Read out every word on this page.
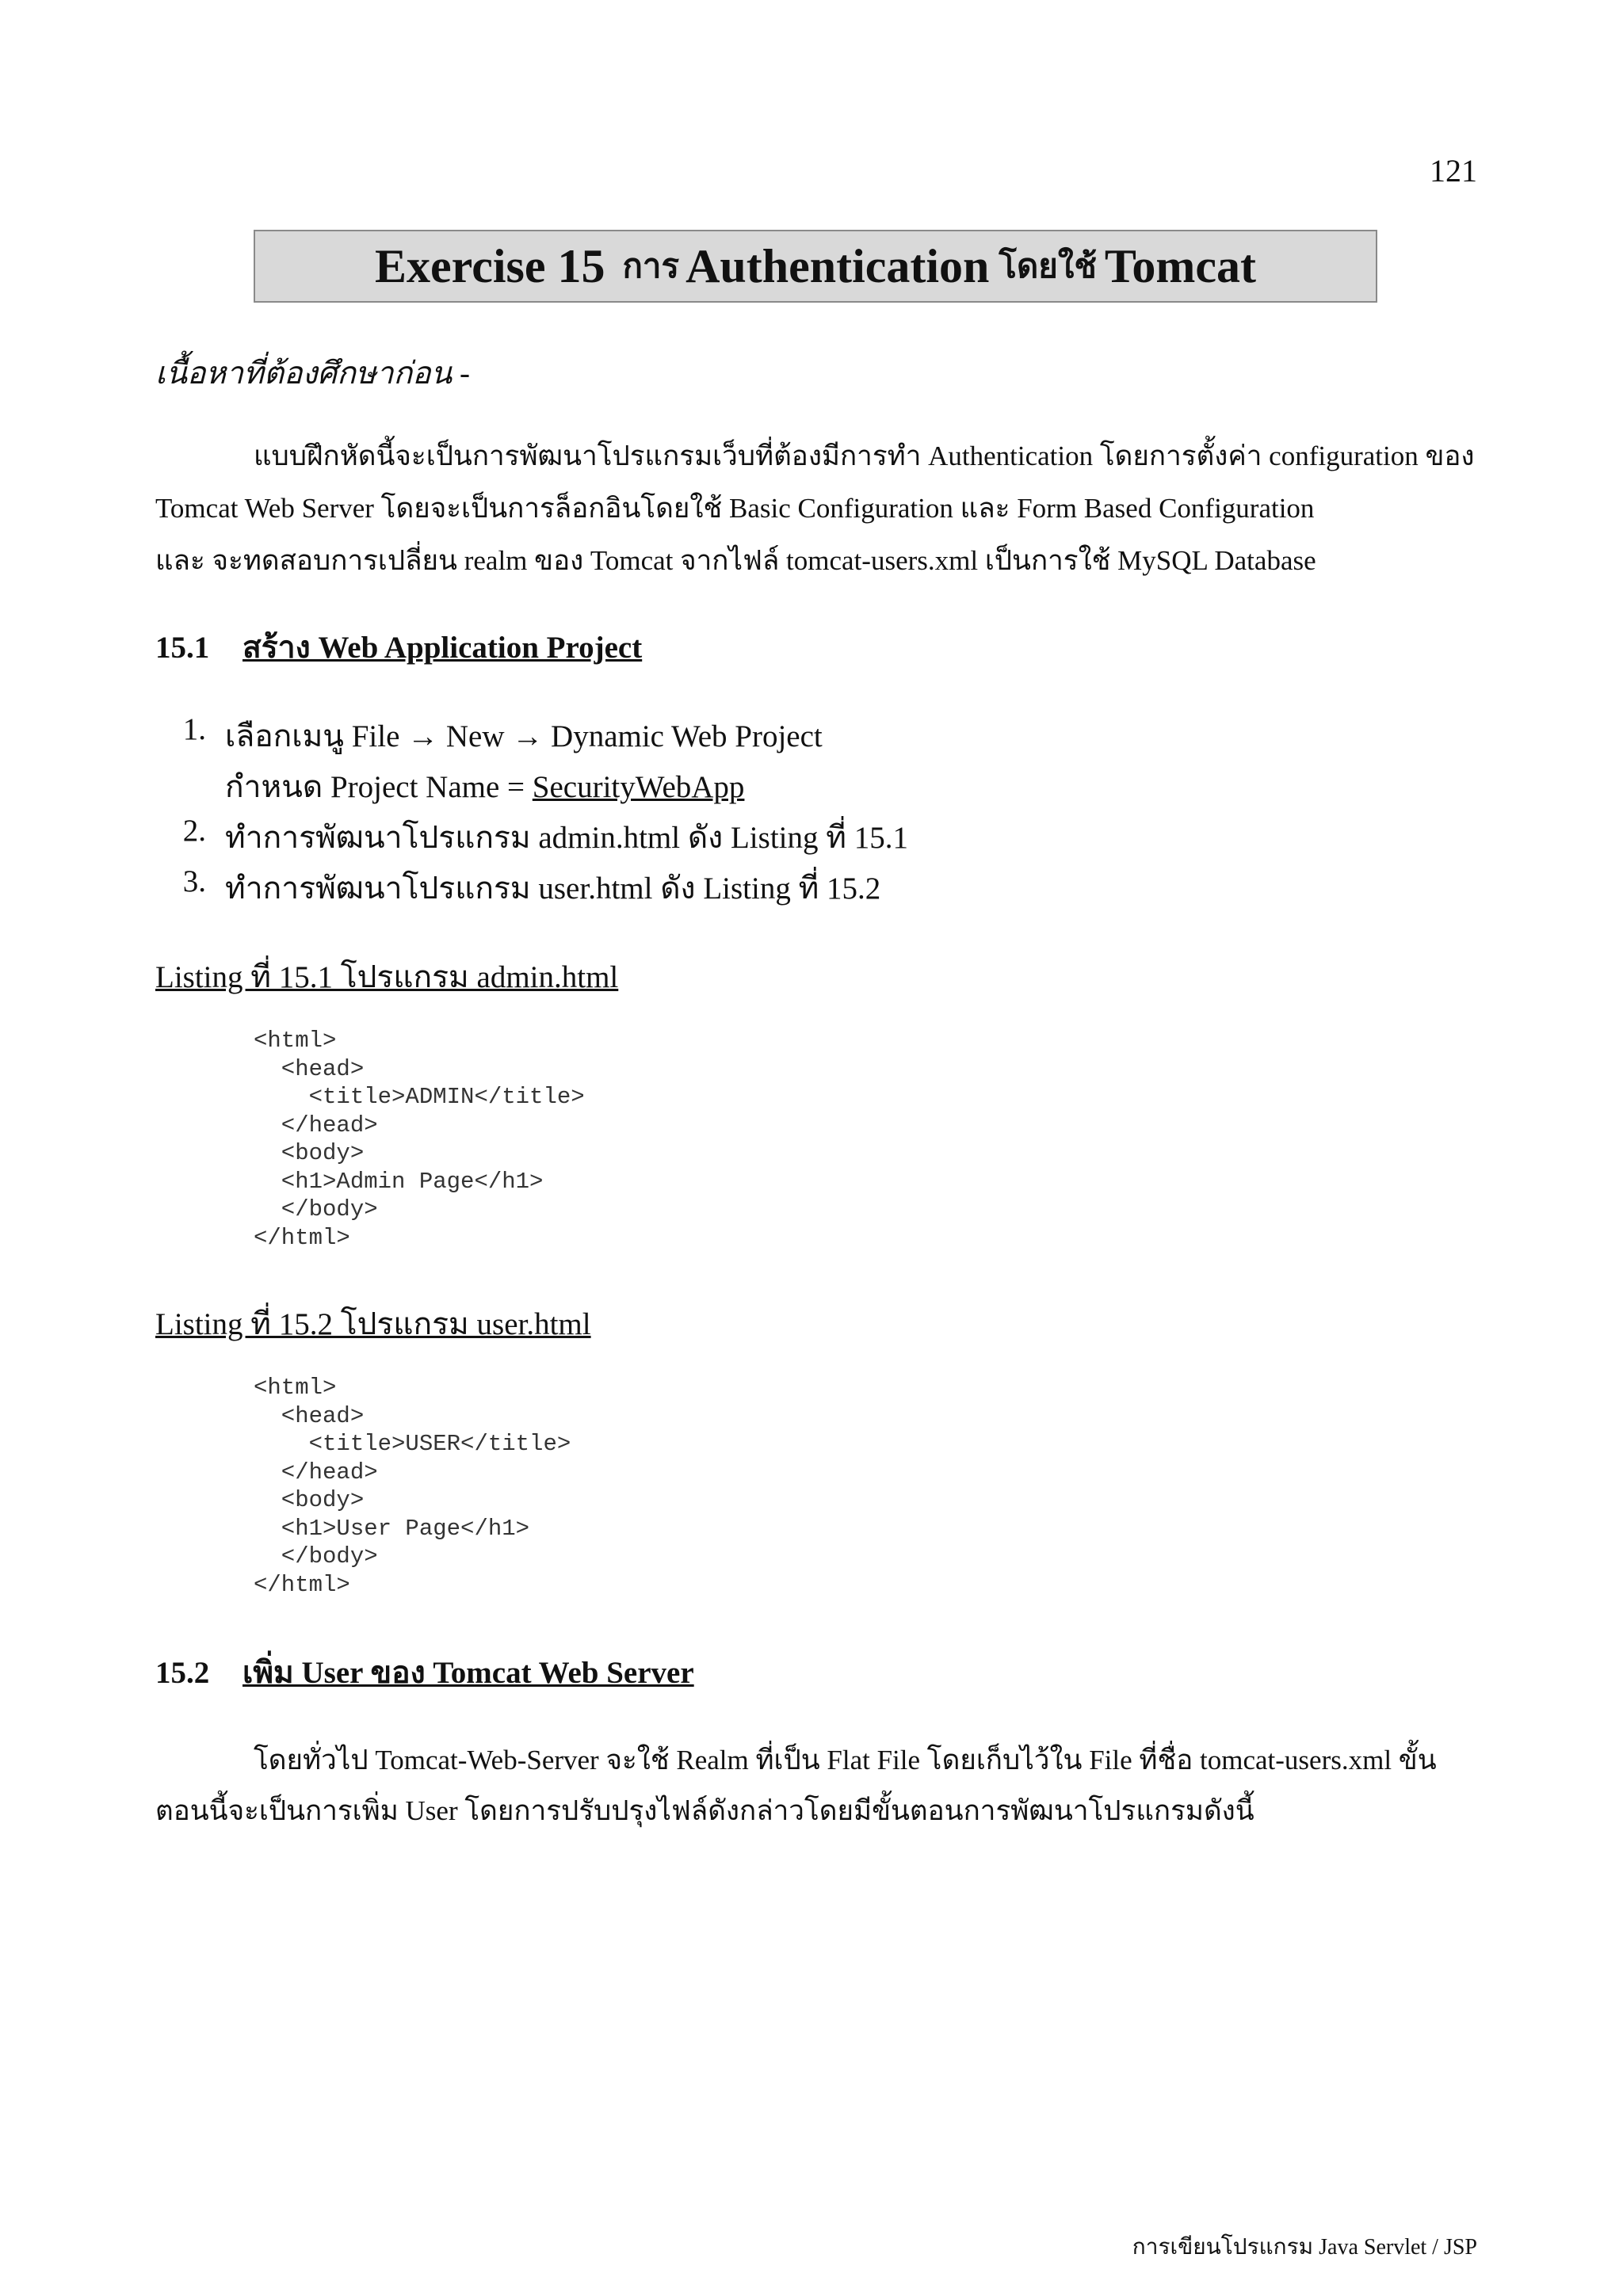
121
Exercise 15 การ Authentication โดยใช้ Tomcat
เนื้อหาที่ต้องศึกษาก่อน -
แบบฝึกหัดนี้จะเป็นการพัฒนาโปรแกรมเว็บที่ต้องมีการทำ Authentication โดยการตั้งค่า configuration ของ
Tomcat Web Server โดยจะเป็นการล็อกอินโดยใช้ Basic Configuration และ Form Based Configuration
และ จะทดสอบการเปลี่ยน realm ของ Tomcat จากไฟล์ tomcat-users.xml เป็นการใช้ MySQL Database
15.1 สร้าง Web Application Project
1. เลือกเมนู File → New → Dynamic Web Project
กำหนด Project Name = SecurityWebApp
2. ทำการพัฒนาโปรแกรม admin.html ดัง Listing ที่ 15.1
3. ทำการพัฒนาโปรแกรม user.html ดัง Listing ที่ 15.2
Listing ที่ 15.1 โปรแกรม admin.html
<html>
<head>
<title>ADMIN</title>
</head>
<body>
<h1>Admin Page</h1>
</body>
</html>
Listing ที่ 15.2 โปรแกรม user.html
<html>
<head>
<title>USER</title>
</head>
<body>
<h1>User Page</h1>
</body>
</html>
15.2 เพิ่ม User ของ Tomcat Web Server
โดยทั่วไป Tomcat-Web-Server จะใช้ Realm ที่เป็น Flat File โดยเก็บไว้ใน File ที่ชื่อ tomcat-users.xml ขั้น
ตอนนี้จะเป็นการเพิ่ม User โดยการปรับปรุงไฟล์ดังกล่าวโดยมีขั้นตอนการพัฒนาโปรแกรมดังนี้
การเขียนโปรแกรม Java Servlet / JSP
